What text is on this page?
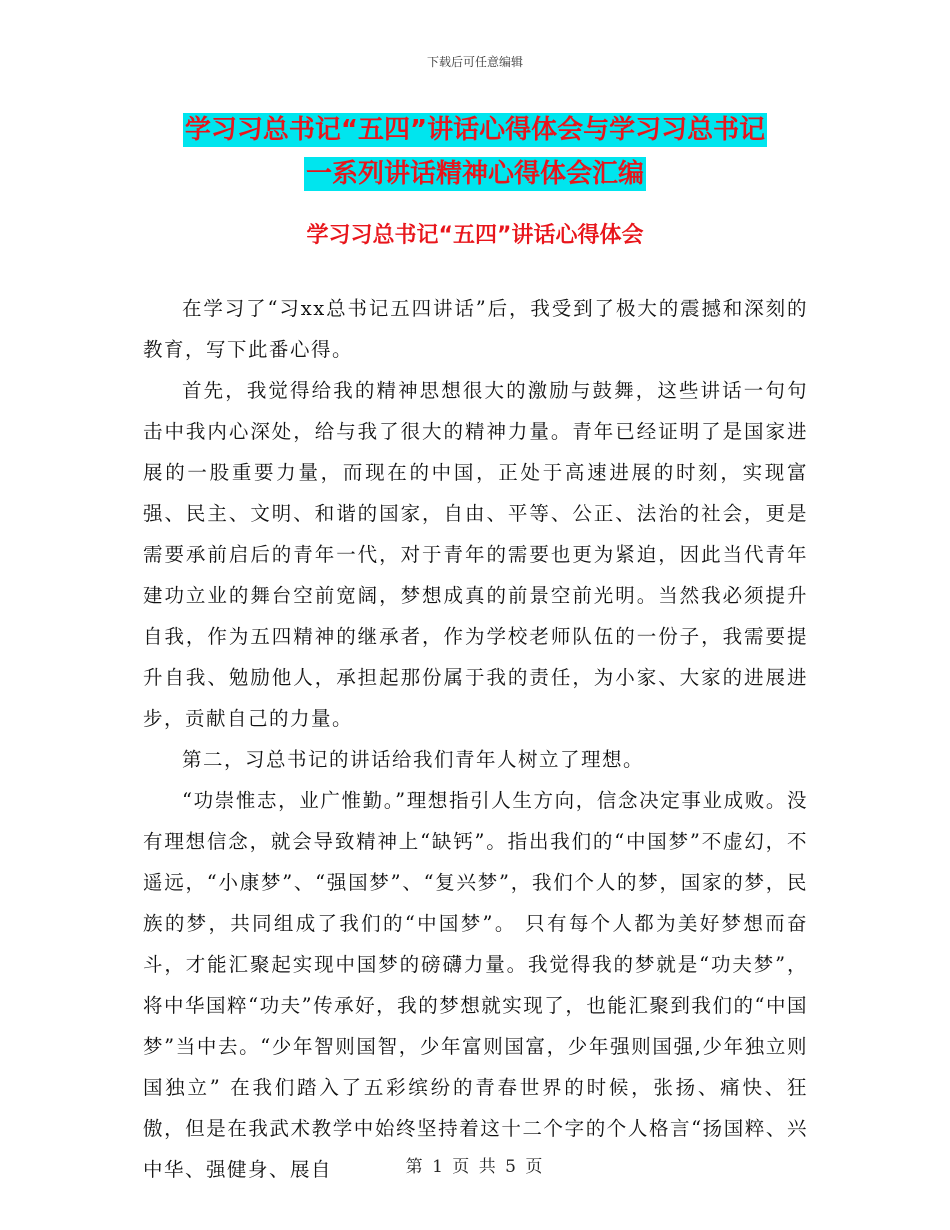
下载后可任意编辑
学习习总书记“五四”讲话心得体会与学习习总书记
一系列讲话精神心得体会汇编
学习习总书记“五四”讲话心得体会

在学习了“习xx总书记五四讲话”后，我受到了极大的震撼和深刻的教育，写下此番心得。

首先，我觉得给我的精神思想很大的激励与鼓舞，这些讲话一句句击中我内心深处，给与我了很大的精神力量。青年已经证明了是国家进展的一股重要力量，而现在的中国，正处于高速进展的时刻，实现富强、民主、文明、和谐的国家，自由、平等、公正、法治的社会，更是需要承前启后的青年一代，对于青年的需要也更为紧迫，因此当代青年建功立业的舞台空前宽阔，梦想成真的前景空前光明。当然我必须提升自我，作为五四精神的继承者，作为学校老师队伍的一份子，我需要提升自我、勉励他人，承担起那份属于我的责任，为小家、大家的进展进步，贡献自己的力量。

第二，习总书记的讲话给我们青年人树立了理想。

“功崇惟志，业广惟勤。”理想指引人生方向，信念决定事业成败。没有理想信念，就会导致精神上“缺钙”。指出我们的“中国梦”不虚幻，不遥远，“小康梦”、“强国梦”、“复兴梦”，我们个人的梦，国家的梦，民族的梦，共同组成了我们的“中国梦”。 只有每个人都为美好梦想而奋斗，才能汇聚起实现中国梦的磅礴力量。我觉得我的梦就是“功夫梦”，将中华国粹“功夫”传承好，我的梦想就实现了，也能汇聚到我们的“中国梦”当中去。“少年智则国智，少年富则国富，少年强则国强,少年独立则国独立” 在我们踏入了五彩缤纷的青春世界的时候，张扬、痛快、狂傲，但是在我武术教学中始终坚持着这十二个字的个人格言“扬国粹、兴中华、强健身、展自	第 1 页 共 5 页
